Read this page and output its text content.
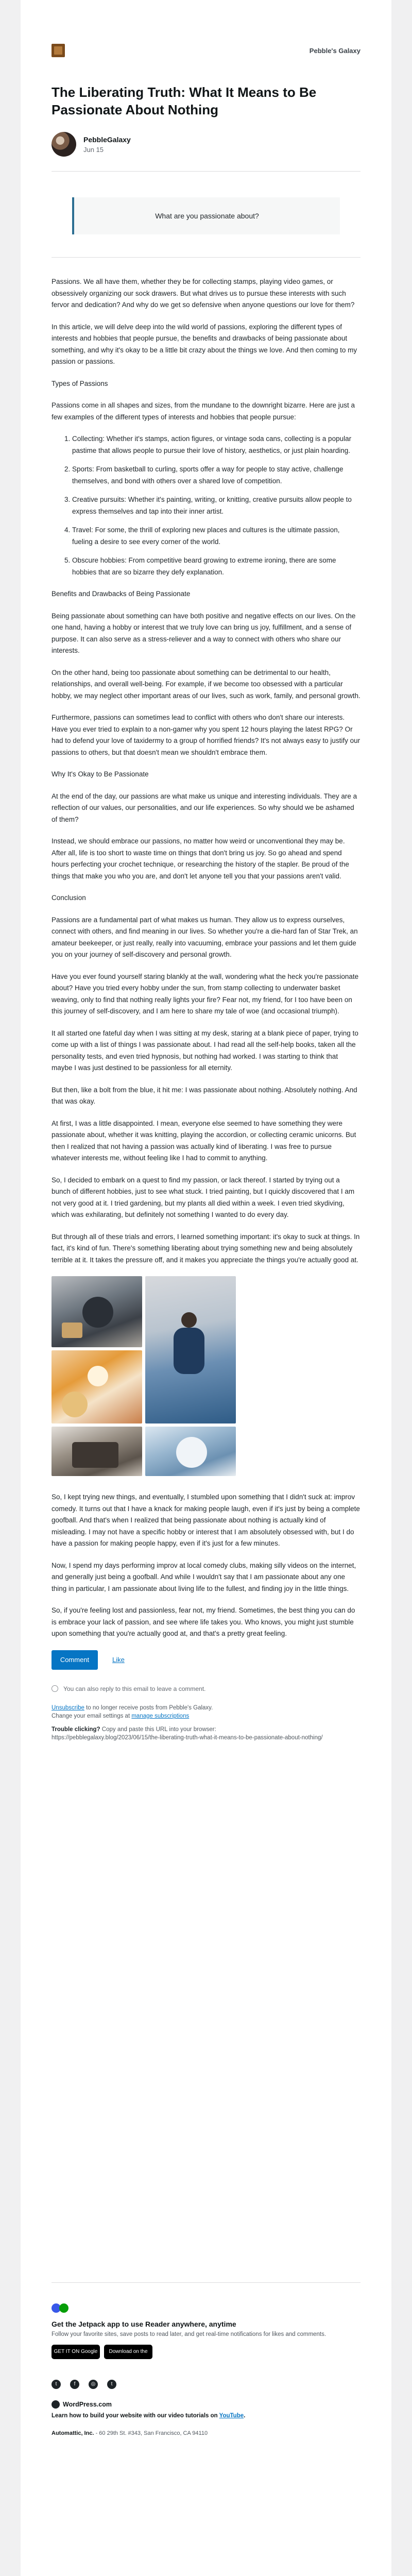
Pebble's Galaxy
The Liberating Truth: What It Means to Be Passionate About Nothing
PebbleGalaxy
Jun 15
What are you passionate about?

Passions. We all have them, whether they be for collecting stamps, playing video games, or obsessively organizing our sock drawers. But what drives us to pursue these interests with such fervor and dedication? And why do we get so defensive when anyone questions our love for them?

In this article, we will delve deep into the wild world of passions, exploring the different types of interests and hobbies that people pursue, the benefits and drawbacks of being passionate about something, and why it's okay to be a little bit crazy about the things we love. And then coming to my passion or passions.

Types of Passions

Passions come in all shapes and sizes, from the mundane to the downright bizarre. Here are just a few examples of the different types of interests and hobbies that people pursue:

1. Collecting: Whether it's stamps, action figures, or vintage soda cans, collecting is a popular pastime that allows people to pursue their love of history, aesthetics, or just plain hoarding.
2. Sports: From basketball to curling, sports offer a way for people to stay active, challenge themselves, and bond with others over a shared love of competition.
3. Creative pursuits: Whether it's painting, writing, or knitting, creative pursuits allow people to express themselves and tap into their inner artist.
4. Travel: For some, the thrill of exploring new places and cultures is the ultimate passion, fueling a desire to see every corner of the world.
5. Obscure hobbies: From competitive beard growing to extreme ironing, there are some hobbies that are so bizarre they defy explanation.

Benefits and Drawbacks of Being Passionate

Being passionate about something can have both positive and negative effects on our lives. On the one hand, having a hobby or interest that we truly love can bring us joy, fulfillment, and a sense of purpose. It can also serve as a stress-reliever and a way to connect with others who share our interests.

On the other hand, being too passionate about something can be detrimental to our health, relationships, and overall well-being. For example, if we become too obsessed with a particular hobby, we may neglect other important areas of our lives, such as work, family, and personal growth.

Furthermore, passions can sometimes lead to conflict with others who don't share our interests. Have you ever tried to explain to a non-gamer why you spent 12 hours playing the latest RPG? Or had to defend your love of taxidermy to a group of horrified friends? It's not always easy to justify our passions to others, but that doesn't mean we shouldn't embrace them.

Why It's Okay to Be Passionate

At the end of the day, our passions are what make us unique and interesting individuals. They are a reflection of our values, our personalities, and our life experiences. So why should we be ashamed of them?

Instead, we should embrace our passions, no matter how weird or unconventional they may be. After all, life is too short to waste time on things that don't bring us joy. So go ahead and spend hours perfecting your crochet technique, or researching the history of the stapler. Be proud of the things that make you who you are, and don't let anyone tell you that your passions aren't valid.

Conclusion

Passions are a fundamental part of what makes us human. They allow us to express ourselves, connect with others, and find meaning in our lives. So whether you're a die-hard fan of Star Trek, an amateur beekeeper, or just really, really into vacuuming, embrace your passions and let them guide you on your journey of self-discovery and personal growth.

Have you ever found yourself staring blankly at the wall, wondering what the heck you're passionate about? Have you tried every hobby under the sun, from stamp collecting to underwater basket weaving, only to find that nothing really lights your fire? Fear not, my friend, for I too have been on this journey of self-discovery, and I am here to share my tale of woe (and occasional triumph).

It all started one fateful day when I was sitting at my desk, staring at a blank piece of paper, trying to come up with a list of things I was passionate about. I had read all the self-help books, taken all the personality tests, and even tried hypnosis, but nothing had worked. I was starting to think that maybe I was just destined to be passionless for all eternity.

But then, like a bolt from the blue, it hit me: I was passionate about nothing. Absolutely nothing. And that was okay.

At first, I was a little disappointed. I mean, everyone else seemed to have something they were passionate about, whether it was knitting, playing the accordion, or collecting ceramic unicorns. But then I realized that not having a passion was actually kind of liberating. I was free to pursue whatever interests me, without feeling like I had to commit to anything.

So, I decided to embark on a quest to find my passion, or lack thereof. I started by trying out a bunch of different hobbies, just to see what stuck. I tried painting, but I quickly discovered that I am not very good at it. I tried gardening, but my plants all died within a week. I even tried skydiving, which was exhilarating, but definitely not something I wanted to do every day.

But through all of these trials and errors, I learned something important: it's okay to suck at things. In fact, it's kind of fun. There's something liberating about trying something new and being absolutely terrible at it. It takes the pressure off, and it makes you appreciate the things you're actually good at.

So, I kept trying new things, and eventually, I stumbled upon something that I didn't suck at: improv comedy. It turns out that I have a knack for making people laugh, even if it's just by being a complete goofball. And that's when I realized that being passionate about nothing is actually kind of misleading. I may not have a specific hobby or interest that I am absolutely obsessed with, but I do have a passion for making people happy, even if it's just for a few minutes.

Now, I spend my days performing improv at local comedy clubs, making silly videos on the internet, and generally just being a goofball. And while I wouldn't say that I am passionate about any one thing in particular, I am passionate about living life to the fullest, and finding joy in the little things.

So, if you're feeling lost and passionless, fear not, my friend. Sometimes, the best thing you can do is embrace your lack of passion, and see where life takes you. Who knows, you might just stumble upon something that you're actually good at, and that's a pretty great feeling.

Comment	Like
You can also reply to this email to leave a comment.
Unsubscribe to no longer receive posts from Pebble's Galaxy.
Change your email settings at manage subscriptions
Trouble clicking? Copy and paste this URL into your browser:
https://pebblegalaxy.blog/2023/06/15/the-liberating-truth-what-it-means-to-be-passionate-about-nothing/
Get the Jetpack app to use Reader anywhere, anytime
Follow your favorite sites, save posts to read later, and get real-time notifications for likes and comments.
GET IT ON Google Play
Download on the App Store
t	f	◎	t
WordPress.com
Learn how to build your website with our video tutorials on YouTube.
Automattic, Inc. - 60 29th St. #343, San Francisco, CA 94110
